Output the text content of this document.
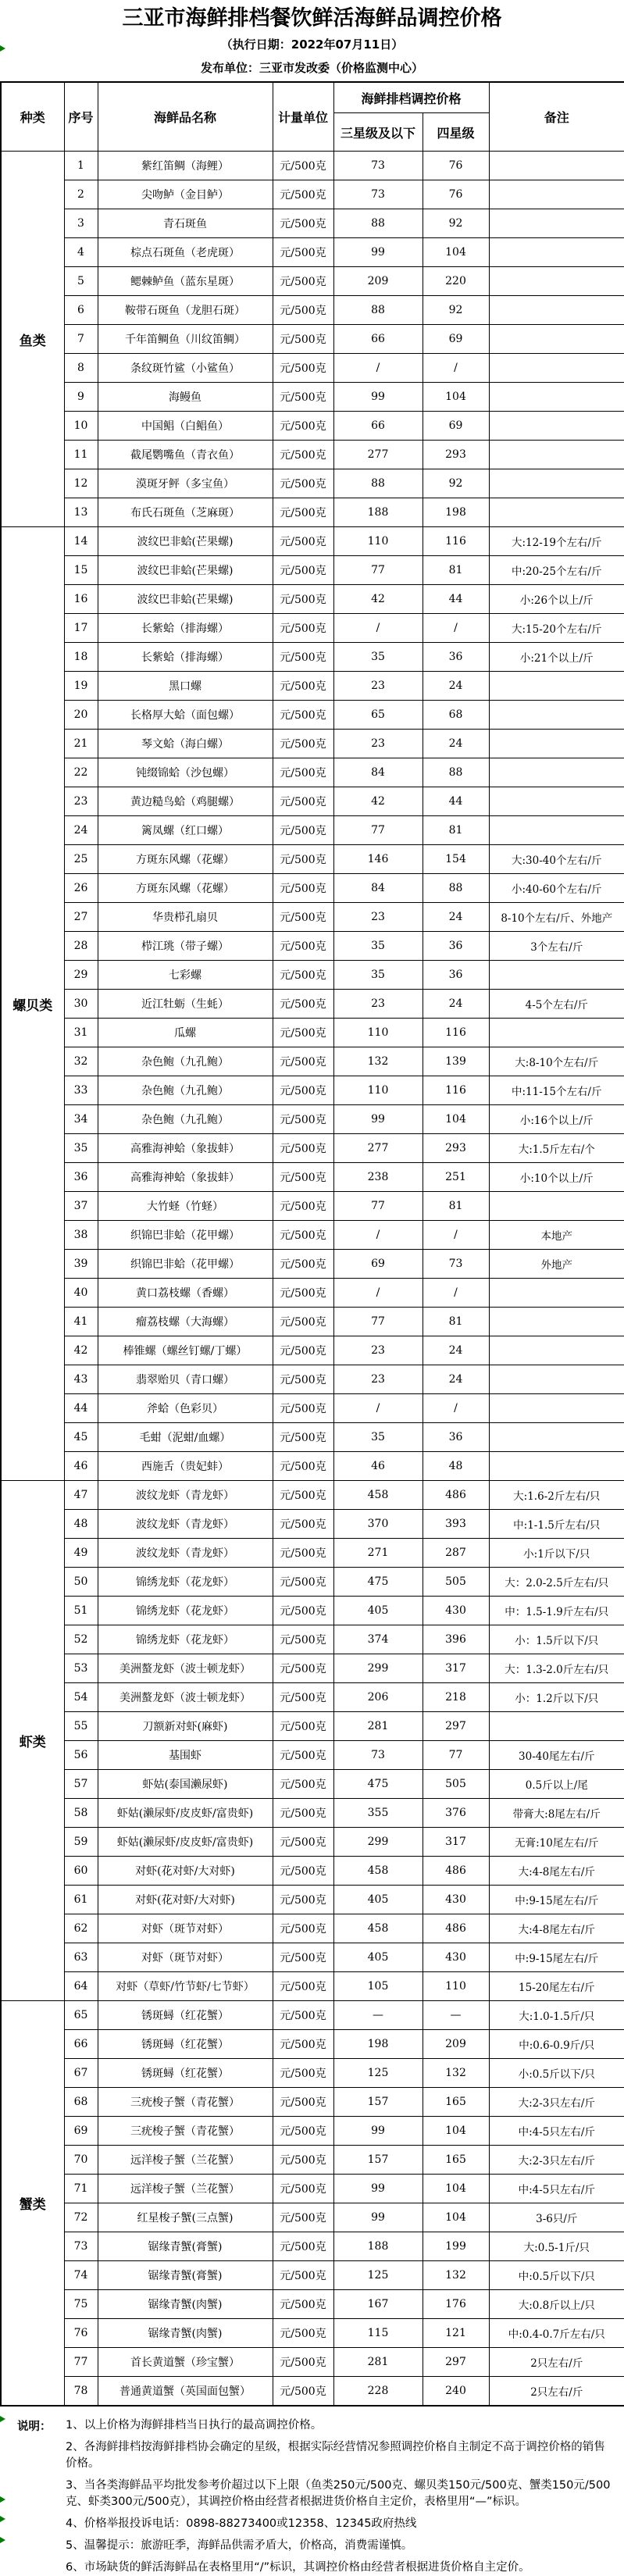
三亚市海鲜排档餐饮鲜活海鲜品调控价格
（执行日期：2022年07月11日）
发布单位：三亚市发改委（价格监测中心）
种类	序号	海鲜品名称	计量单位	海鲜排档调控价格		备注
				三星级及以下	四星级	
鱼类	1	紫红笛鲷（海鲤）	元/500克	73	76	
	2	尖吻鲈（金目鲈）	元/500克	73	76	
	3	青石斑鱼	元/500克	88	92	
	4	棕点石斑鱼（老虎斑）	元/500克	99	104	
	5	鳃棘鲈鱼（蓝东星斑）	元/500克	209	220	
	6	鞍带石斑鱼（龙胆石斑）	元/500克	88	92	
	7	千年笛鲷鱼（川纹笛鲷）	元/500克	66	69	
	8	条纹斑竹鲨（小鲨鱼）	元/500克	/	/	
	9	海鳗鱼	元/500克	99	104	
	10	中国鲳（白鲳鱼）	元/500克	66	69	
	11	截尾鹦嘴鱼（青衣鱼）	元/500克	277	293	
	12	漠斑牙鲆（多宝鱼）	元/500克	88	92	
	13	布氏石斑鱼（芝麻斑）	元/500克	188	198	
螺贝类	14	波纹巴非蛤(芒果螺)	元/500克	110	116	大:12-19个左右/斤
	15	波纹巴非蛤(芒果螺)	元/500克	77	81	中:20-25个左右/斤
	16	波纹巴非蛤(芒果螺)	元/500克	42	44	小:26个以上/斤
	17	长紫蛤（排海螺）	元/500克	/	/	大:15-20个左右/斤
	18	长紫蛤（排海螺）	元/500克	35	36	小:21个以上/斤
	19	黑口螺	元/500克	23	24	
	20	长格厚大蛤（面包螺）	元/500克	65	68	
	21	琴文蛤（海白螺）	元/500克	23	24	
	22	钝缀锦蛤（沙包螺）	元/500克	84	88	
	23	黄边糙鸟蛤（鸡腿螺）	元/500克	42	44	
	24	篱凤螺（红口螺）	元/500克	77	81	
	25	方斑东风螺（花螺）	元/500克	146	154	大:30-40个左右/斤
	26	方斑东风螺（花螺）	元/500克	84	88	小:40-60个左右/斤
	27	华贵栉孔扇贝	元/500克	23	24	8-10个左右/斤、外地产
	28	栉江珧（带子螺）	元/500克	35	36	3个左右/斤
	29	七彩螺	元/500克	35	36	
	30	近江牡蛎（生蚝）	元/500克	23	24	4-5个左右/斤
	31	瓜螺	元/500克	110	116	
	32	杂色鲍（九孔鲍）	元/500克	132	139	大:8-10个左右/斤
	33	杂色鲍（九孔鲍）	元/500克	110	116	中:11-15个左右/斤
	34	杂色鲍（九孔鲍）	元/500克	99	104	小:16个以上/斤
	35	高雅海神蛤（象拔蚌）	元/500克	277	293	大:1.5斤左右/个
	36	高雅海神蛤（象拔蚌）	元/500克	238	251	小:10个以上/斤
	37	大竹蛏（竹蛏）	元/500克	77	81	
	38	织锦巴非蛤（花甲螺）	元/500克	/	/	本地产
	39	织锦巴非蛤（花甲螺）	元/500克	69	73	外地产
	40	黄口荔枝螺（香螺）	元/500克	/	/	
	41	瘤荔枝螺（大海螺）	元/500克	77	81	
	42	棒锥螺（螺丝钉螺/丁螺）	元/500克	23	24	
	43	翡翠贻贝（青口螺）	元/500克	23	24	
	44	斧蛤（色彩贝）	元/500克	/	/	
	45	毛蚶（泥蚶/血螺）	元/500克	35	36	
	46	西施舌（贵妃蚌）	元/500克	46	48	
虾类	47	波纹龙虾（青龙虾）	元/500克	458	486	大:1.6-2斤左右/只
	48	波纹龙虾（青龙虾）	元/500克	370	393	中:1-1.5斤左右/只
	49	波纹龙虾（青龙虾）	元/500克	271	287	小:1斤以下/只
	50	锦绣龙虾（花龙虾）	元/500克	475	505	大：2.0-2.5斤左右/只
	51	锦绣龙虾（花龙虾）	元/500克	405	430	中：1.5-1.9斤左右/只
	52	锦绣龙虾（花龙虾）	元/500克	374	396	小：1.5斤以下/只
	53	美洲螯龙虾（波士顿龙虾）	元/500克	299	317	大：1.3-2.0斤左右/只
	54	美洲螯龙虾（波士顿龙虾）	元/500克	206	218	小：1.2斤以下/只
	55	刀额新对虾(麻虾)	元/500克	281	297	
	56	基围虾	元/500克	73	77	30-40尾左右/斤
	57	虾姑(泰国濑尿虾)	元/500克	475	505	0.5斤以上/尾
	58	虾姑(濑尿虾/皮皮虾/富贵虾)	元/500克	355	376	带膏大:8尾左右/斤
	59	虾姑(濑尿虾/皮皮虾/富贵虾)	元/500克	299	317	无膏:10尾左右/斤
	60	对虾(花对虾/大对虾)	元/500克	458	486	大:4-8尾左右/斤
	61	对虾(花对虾/大对虾)	元/500克	405	430	中:9-15尾左右/斤
	62	对虾（斑节对虾）	元/500克	458	486	大:4-8尾左右/斤
	63	对虾（斑节对虾）	元/500克	405	430	中:9-15尾左右/斤
	64	对虾（草虾/竹节虾/七节虾）	元/500克	105	110	15-20尾左右/斤
蟹类	65	锈斑蟳（红花蟹）	元/500克	—	—	大:1.0-1.5斤/只
	66	锈斑蟳（红花蟹）	元/500克	198	209	中:0.6-0.9斤/只
	67	锈斑蟳（红花蟹）	元/500克	125	132	小:0.5斤以下/只
	68	三疣梭子蟹（青花蟹）	元/500克	157	165	大:2-3只左右/斤
	69	三疣梭子蟹（青花蟹）	元/500克	99	104	中:4-5只左右/斤
	70	远洋梭子蟹（兰花蟹）	元/500克	157	165	大:2-3只左右/斤
	71	远洋梭子蟹（兰花蟹）	元/500克	99	104	中:4-5只左右/斤
	72	红星梭子蟹(三点蟹)	元/500克	99	104	3-6只/斤
	73	锯缘青蟹(膏蟹)	元/500克	188	199	大:0.5-1斤/只
	74	锯缘青蟹(膏蟹)	元/500克	125	132	中:0.5斤以下/只
	75	锯缘青蟹(肉蟹)	元/500克	167	176	大:0.8斤以上/只
	76	锯缘青蟹(肉蟹)	元/500克	115	121	中:0.4-0.7斤左右/只
	77	首长黄道蟹（珍宝蟹）	元/500克	281	297	2只左右/斤
	78	普通黄道蟹（英国面包蟹）	元/500克	228	240	2只左右/斤
说明： 1、以上价格为海鲜排档当日执行的最高调控价格。
2、各海鲜排档按海鲜排档协会确定的星级，根据实际经营情况参照调控价格自主制定不高于调控价格的销售价格。
3、当各类海鲜品平均批发参考价超过以下上限（鱼类250元/500克、螺贝类150元/500克、蟹类150元/500克、虾类300元/500克），其调控价格由经营者根据进货价格自主定价，表格里用“—”标识。
4、价格举报投诉电话：0898-88273400或12358、12345政府热线
5、温馨提示：旅游旺季，海鲜品供需矛盾大，价格高，消费需谨慎。
6、市场缺货的鲜活海鲜品在表格里用“/”标识，其调控价格由经营者根据进货价格自主定价。
